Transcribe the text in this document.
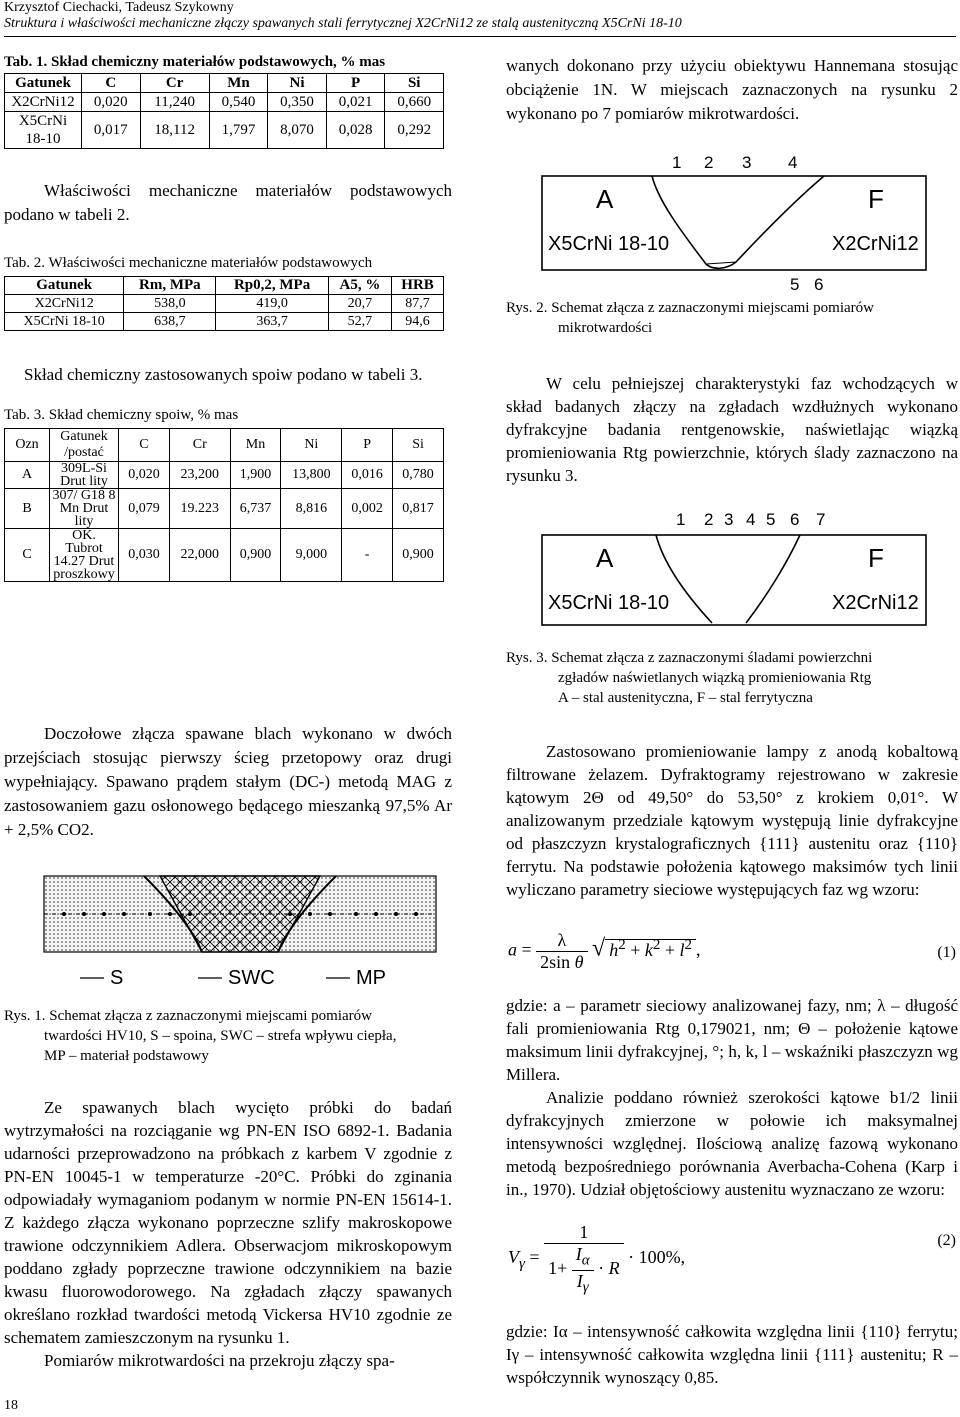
Krzysztof Ciechacki, Tadeusz Szykowny
Struktura i właściwości mechaniczne złączy spawanych stali ferrytycznej X2CrNi12 ze stalą austenityczną X5CrNi 18-10

Tab. 1. Skład chemiczny materiałów podstawowych, % mas

Gatunek	C	Cr	Mn	Ni	P	Si
X2CrNi12	0,020	11,240	0,540	0,350	0,021	0,660
X5CrNi 18-10	0,017	18,112	1,797	8,070	0,028	0,292

Właściwości mechaniczne materiałów podstawowych podano w tabeli 2.

Tab. 2. Właściwości mechaniczne materiałów podstawowych

Gatunek	Rm, MPa	Rp0,2, MPa	A5, %	HRB
X2CrNi12	538,0	419,0	20,7	87,7
X5CrNi 18-10	638,7	363,7	52,7	94,6

Skład chemiczny zastosowanych spoiw podano w tabeli 3.

Tab. 3. Skład chemiczny spoiw, % mas

Ozn	Gatunek /postać	C	Cr	Mn	Ni	P	Si
A	309L-Si Drut lity	0,020	23,200	1,900	13,800	0,016	0,780
B	307/ G18 8 Mn Drut lity	0,079	19.223	6,737	8,816	0,002	0,817
C	OK. Tubrot 14.27 Drut proszkowy	0,030	22,000	0,900	9,000	-	0,900

Doczołowe złącza spawane blach wykonano w dwóch przejściach stosując pierwszy ścieg przetopowy oraz drugi wypełniający. Spawano prądem stałym (DC-) metodą MAG z zastosowaniem gazu osłonowego będącego mieszanką 97,5% Ar + 2,5% CO2.

S	SWC	MP

Rys. 1. Schemat złącza z zaznaczonymi miejscami pomiarów

twardości HV10, S – spoina, SWC – strefa wpływu ciepła,

MP – materiał podstawowy

Ze spawanych blach wycięto próbki do badań wytrzymałości na rozciąganie wg PN-EN ISO 6892-1. Badania udarności przeprowadzono na próbkach z karbem V zgodnie z PN-EN 10045-1 w temperaturze -20°C. Próbki do zginania odpowiadały wymaganiom podanym w normie PN-EN 15614-1. Z każdego złącza wykonano poprzeczne szlify makroskopowe trawione odczynnikiem Adlera. Obserwacjom mikroskopowym poddano zgłady poprzeczne trawione odczynnikiem na bazie kwasu fluorowodorowego. Na zgładach złączy spawanych określano rozkład twardości metodą Vickersa HV10 zgodnie ze schematem zamieszczonym na rysunku 1.

Pomiarów mikrotwardości na przekroju złączy spa-

18

wanych dokonano przy użyciu obiektywu Hannemana stosując obciążenie 1N. W miejscach zaznaczonych na rysunku 2 wykonano po 7 pomiarów mikrotwardości.

1 2 3 4
5 6
A	F
X5CrNi 18-10	X2CrNi12

Rys. 2. Schemat złącza z zaznaczonymi miejscami pomiarów

mikrotwardości

W celu pełniejszej charakterystyki faz wchodzących w skład badanych złączy na zgładach wzdłużnych wykonano dyfrakcyjne badania rentgenowskie, naświetlając wiązką promieniowania Rtg powierzchnie, których ślady zaznaczono na rysunku 3.

1 2 3 4 5 6 7
A	F
X5CrNi 18-10	X2CrNi12

Rys. 3. Schemat złącza z zaznaczonymi śladami powierzchni

zgładów naświetlanych wiązką promieniowania Rtg

A – stal austenityczna, F – stal ferrytyczna

Zastosowano promieniowanie lampy z anodą kobaltową filtrowane żelazem. Dyfraktogramy rejestrowano w zakresie kątowym 2Θ od 49,50° do 53,50° z krokiem 0,01°. W analizowanym przedziale kątowym występują linie dyfrakcyjne od płaszczyzn krystalograficznych {111} austenitu oraz {110} ferrytu. Na podstawie położenia kątowego maksimów tych linii wyliczano parametry sieciowe występujących faz wg wzoru:

$a = \frac{\lambda}{\text{2sin θ}}$ √ $h^2 + k^2 + l^2$ ,	(1)

gdzie: a – parametr sieciowy analizowanej fazy, nm; λ – długość fali promieniowania Rtg 0,179021, nm; Θ – położenie kątowe maksimum linii dyfrakcyjnej, °; h, k, l – wskaźniki płaszczyzn wg Millera.

Analizie poddano również szerokości kątowe b1/2 linii dyfrakcyjnych zmierzone w połowie ich maksymalnej intensywności względnej. Ilościową analizę fazową wykonano metodą bezpośredniego porównania Averbacha-Cohena (Karp i in., 1970). Udział objętościowy austenitu wyznaczano ze wzoru:

$V_\gamma = \frac{1}{1+ \frac{I_\alpha}{I_\gamma} \cdot R} \cdot 100\%$,
(2)

gdzie: Iα – intensywność całkowita względna linii {110} ferrytu; Iγ – intensywność całkowita względna linii {111} austenitu; R – współczynnik wynoszący 0,85.
